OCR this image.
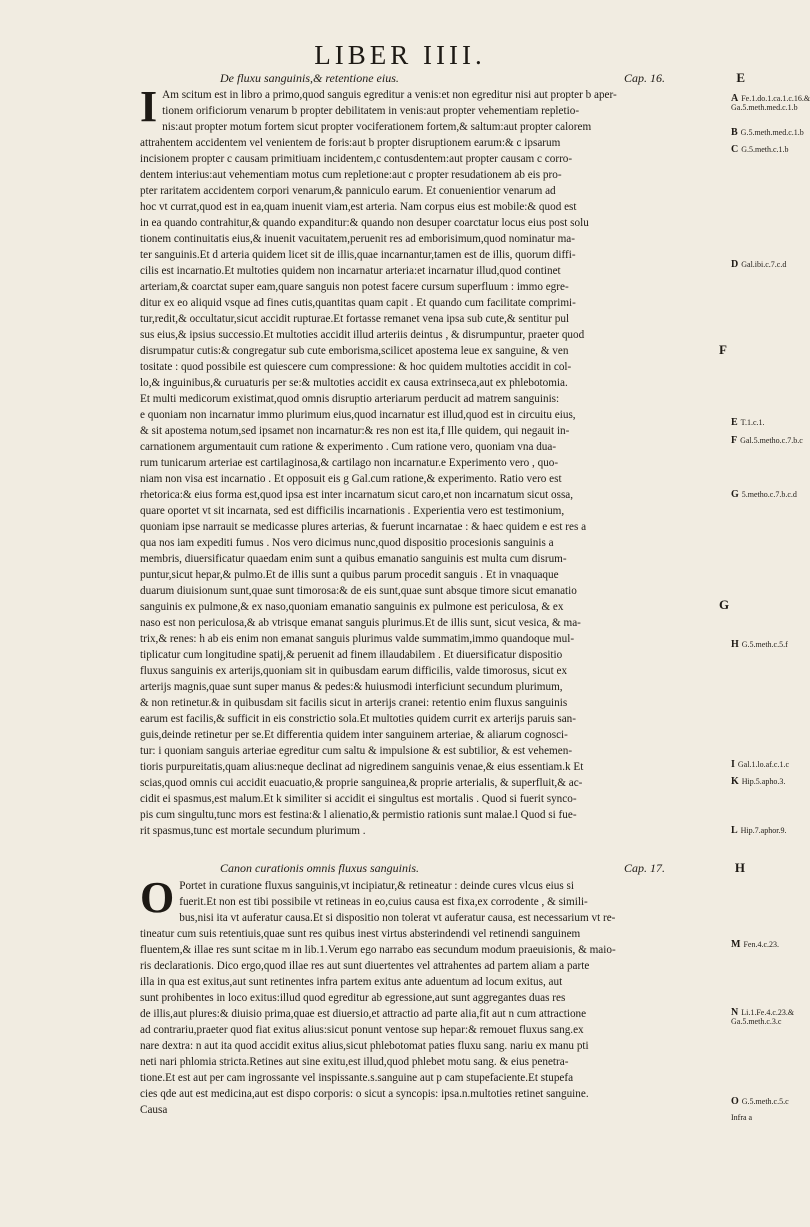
LIBER IIII.
De fluxu sanguinis,& retentione eius.	Cap. 16.	E
I Am scitum est in libro a primo,quod sanguis egreditur a venis:et non egreditur nisi aut propter b aper-
tionem orificiorum venarum b propter debilitatem in venis:aut propter vehementiam repletio-
nis:aut propter motum fortem sicut propter vociferationem fortem,& saltum:aut propter calorem
attrahentem accidentem vel venientem de foris:aut b propter disruptionem earum:& c ipsarum
incisionem propter c causam primitiuam incidentem,c contusdentem:aut propter causam c corro-
dentem interius:aut vehementiam motus cum repletione:aut c propter resudationem ab eis pro-
pter raritatem accidentem corpori venarum,& panniculo earum. Et conuenientior venarum ad
hoc vt currat,quod est in ea,quam inuenit viam,est arteria. Nam corpus eius est mobile:& quod est
in ea quando contrahitur,& quando expanditur:& quando non desuper coarctatur locus eius post solu
tionem continuitatis eius,& inuenit vacuitatem,peruenit res ad emborisimum,quod nominatur ma-
ter sanguinis.Et d arteria quidem licet sit de illis,quae incarnantur,tamen est de illis, quorum diffi-
cilis est incarnatio.Et multoties quidem non incarnatur arteria:et incarnatur illud,quod continet
arteriam,& coarctat super eam,quare sanguis non potest facere cursum superfluum : immo egre-
ditur ex eo aliquid vsque ad fines cutis,quantitas quam capit . Et quando cum facilitate comprimi-
tur,redit,& occultatur,sicut accidit rupturae.Et fortasse remanet vena ipsa sub cute,& sentitur pul
sus eius,& ipsius successio.Et multoties accidit illud arteriis deintus , & disrumpuntur, praeter quod
disrumpatur cutis:& congregatur sub cute emborisma,scilicet apostema leue ex sanguine, & ven
tositate : quod possibile est quiescere cum compressione: & hoc quidem multoties accidit in col-
lo,& inguinibus,& curuaturis per se:& multoties accidit ex causa extrinseca,aut ex phlebotomia.
Et multi medicorum existimat,quod omnis disruptio arteriarum perducit ad matrem sanguinis:
e quoniam non incarnatur immo plurimum eius,quod incarnatur est illud,quod est in circuitu eius,
& sit apostema notum,sed ipsamet non incarnatur:& res non est ita,f Ille quidem, qui negauit in-
carnationem argumentauit cum ratione & experimento . Cum ratione vero, quoniam vna dua-
rum tunicarum arteriae est cartilaginosa,& cartilago non incarnatur.e Experimento vero , quo-
niam non visa est incarnatio . Et opposuit eis g Gal.cum ratione,& experimento. Ratio vero est
rhetorica:& eius forma est,quod ipsa est inter incarnatum sicut caro,et non incarnatum sicut ossa,
quare oportet vt sit incarnata, sed est difficilis incarnationis . Experientia vero est testimonium,
quoniam ipse narrauit se medicasse plures arterias, & fuerunt incarnatae : & haec quidem e est res a
qua nos iam expediti fumus . Nos vero dicimus nunc,quod dispositio procesionis sanguinis a
membris, diuersificatur quaedam enim sunt a quibus emanatio sanguinis est multa cum disrum-
puntur,sicut hepar,& pulmo.Et de illis sunt a quibus parum procedit sanguis . Et in vnaquaque
duarum diuisionum sunt,quae sunt timorosa:& de eis sunt,quae sunt absque timore sicut emanatio
sanguinis ex pulmone,& ex naso,quoniam emanatio sanguinis ex pulmone est periculosa, & ex
naso est non periculosa,& ab vtrisque emanat sanguis plurimus.Et de illis sunt, sicut vesica, & ma-
trix,& renes: h ab eis enim non emanat sanguis plurimus valde summatim,immo quandoque mul-
tiplicatur cum longitudine spatij,& peruenit ad finem illaudabilem . Et diuersificatur dispositio
fluxus sanguinis ex arterijs,quoniam sit in quibusdam earum difficilis, valde timorosus, sicut ex
arterijs magnis,quae sunt super manus & pedes:& huiusmodi interficiunt secundum plurimum,
& non retinetur.& in quibusdam sit facilis sicut in arterijs cranei: retentio enim fluxus sanguinis
earum est facilis,& sufficit in eis constrictio sola.Et multoties quidem currit ex arterijs paruis san-
guis,deinde retinetur per se.Et differentia quidem inter sanguinem arteriae, & aliarum cognosci-
tur: i quoniam sanguis arteriae egreditur cum saltu & impulsione & est subtilior, & est vehemen-
tioris purpureitatis,quam alius:neque declinat ad nigredinem sanguinis venae,& eius essentiam.k Et
scias,quod omnis cui accidit euacuatio,& proprie sanguinea,& proprie arterialis, & superfluit,& ac-
cidit ei spasmus,est malum.Et k similiter si accidit ei singultus est mortalis . Quod si fuerit synco-
pis cum singultu,tunc mors est festina:& l alienatio,& permistio rationis sunt malae.l Quod si fue-
rit spasmus,tunc est mortale secundum plurimum .
Canon curationis omnis fluxus sanguinis.	Cap. 17.	H
O Portet in curatione fluxus sanguinis,vt incipiatur,& retineatur : deinde cures vlcus eius si
fuerit.Et non est tibi possibile vt retineas in eo,cuius causa est fixa,ex corrodente , & simili-
bus,nisi ita vt auferatur causa.Et si dispositio non tolerat vt auferatur causa, est necessarium vt re-
tineatur cum suis retentiuis,quae sunt res quibus inest virtus absterindendi vel retinendi sanguinem
fluentem,& illae res sunt scitae m in lib.1.Verum ego narrabo eas secundum modum praeuisionis, & maio-
ris declarationis. Dico ergo,quod illae res aut sunt diuertentes vel attrahentes ad partem aliam a parte
illa in qua est exitus,aut sunt retinentes infra partem exitus ante aduentum ad locum exitus, aut
sunt prohibentes in loco exitus:illud quod egreditur ab egressione,aut sunt aggregantes duas res
de illis,aut plures:& diuisio prima,quae est diuersio,et attractio ad parte alia,fit aut n cum attractione
ad contrariu,praeter quod fiat exitus alius:sicut ponunt ventose sup hepar:& remouet fluxus sang.ex
nare dextra: n aut ita quod accidit exitus alius,sicut phlebotomat paties fluxu sang. nariu ex manu pti
neti nari phlomia stricta.Retines aut sine exitu,est illud,quod phlebet motu sang. & eius penetra-
tione.Et est aut per cam ingrossante vel inspissante.s.sanguine aut p cam stupefaciente.Et stupefa
cies qde aut est medicina,aut est dispo corporis: o sicut a syncopis: ipsa.n.multoties retinet sanguine.
Causa
A Fe.1.do.1.ca.1.c.16.& Ga.5.meth.med.c.1.b
B G.5.meth.med.c.1.b
C G.5.meth.c.1.b
D Gal.ibi.c.7.c.d
E T.1.c.1.
F Gal.5.metho.c.7.b.c
G 5.metho.c.7.b.c.d
H G.5.meth.c.5.f
I Gal.1.lo.af.c.1.c
K Hip.5.apho.3.
L Hip.7.aphor.9.
M Fen.4.c.23.
N Li.1.Fe.4.c.23.& Ga.5.meth.c.3.c
O G.5.meth.c.5.c
Infra a
F
G
